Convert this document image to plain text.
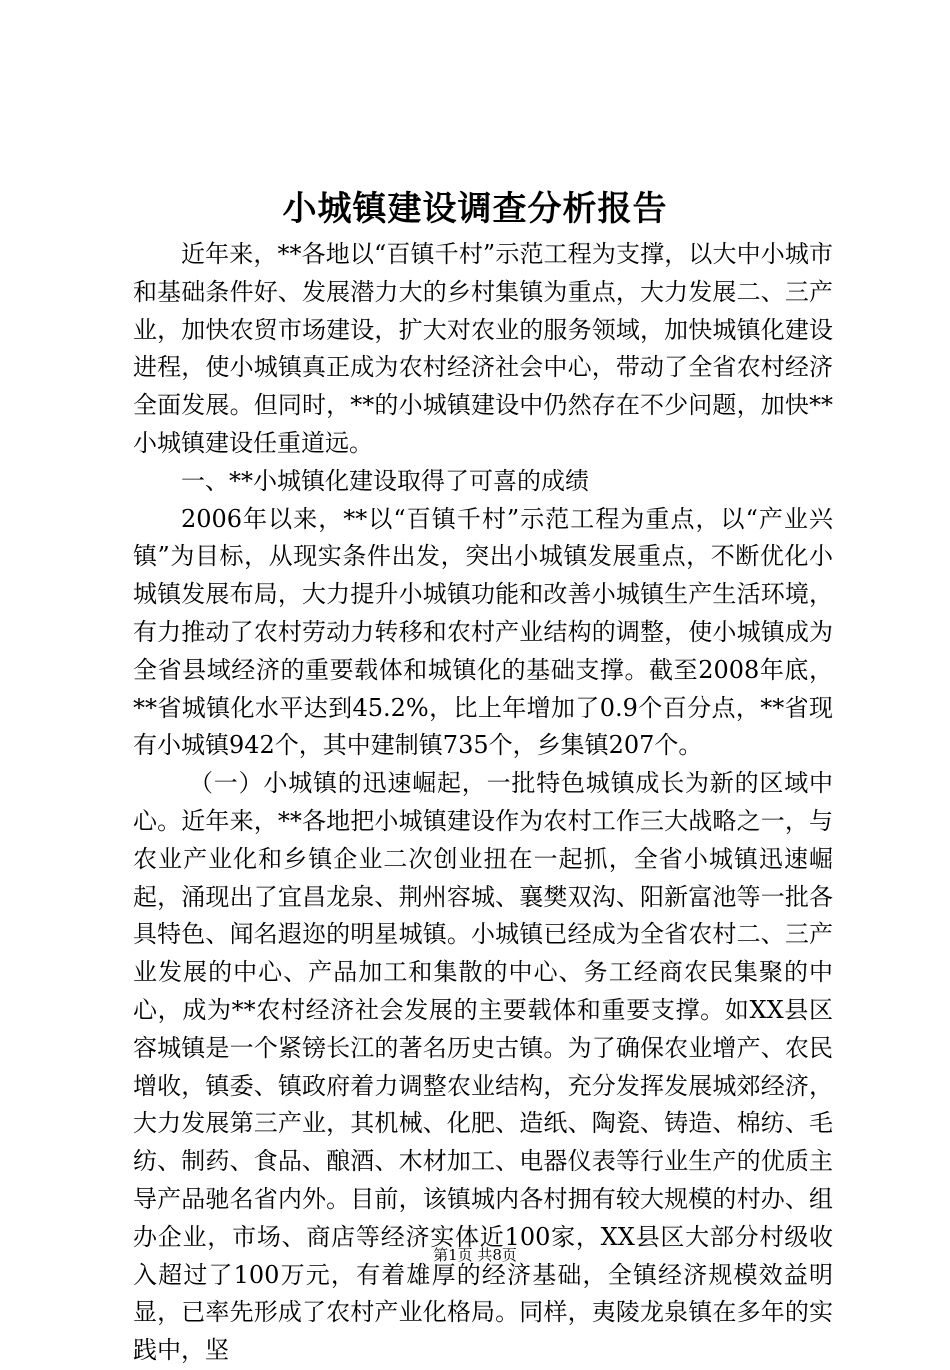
小城镇建设调查分析报告

近年来，**各地以“百镇千村”示范工程为支撑，以大中小城市和基础条件好、发展潜力大的乡村集镇为重点，大力发展二、三产业，加快农贸市场建设，扩大对农业的服务领域，加快城镇化建设进程，使小城镇真正成为农村经济社会中心，带动了全省农村经济全面发展。但同时，**的小城镇建设中仍然存在不少问题，加快**小城镇建设任重道远。

一、**小城镇化建设取得了可喜的成绩

2006年以来，**以“百镇千村”示范工程为重点，以“产业兴镇”为目标，从现实条件出发，突出小城镇发展重点，不断优化小城镇发展布局，大力提升小城镇功能和改善小城镇生产生活环境，有力推动了农村劳动力转移和农村产业结构的调整，使小城镇成为全省县域经济的重要载体和城镇化的基础支撑。截至2008年底，**省城镇化水平达到45.2%，比上年增加了0.9个百分点，**省现有小城镇942个，其中建制镇735个，乡集镇207个。

（一）小城镇的迅速崛起，一批特色城镇成长为新的区域中心。近年来，**各地把小城镇建设作为农村工作三大战略之一，与农业产业化和乡镇企业二次创业扭在一起抓，全省小城镇迅速崛起，涌现出了宜昌龙泉、荆州容城、襄樊双沟、阳新富池等一批各具特色、闻名遐迩的明星城镇。小城镇已经成为全省农村二、三产业发展的中心、产品加工和集散的中心、务工经商农民集聚的中心，成为**农村经济社会发展的主要载体和重要支撑。如XX县区容城镇是一个紧镑长江的著名历史古镇。为了确保农业增产、农民增收，镇委、镇政府着力调整农业结构，充分发挥发展城郊经济，大力发展第三产业，其机械、化肥、造纸、陶瓷、铸造、棉纺、毛纺、制药、食品、酿酒、木材加工、电器仪表等行业生产的优质主导产品驰名省内外。目前，该镇城内各村拥有较大规模的村办、组办企业，市场、商店等经济实体近100家，XX县区大部分村级收入超过了100万元，有着雄厚的经济基础，全镇经济规模效益明显，已率先形成了农村产业化格局。同样，夷陵龙泉镇在多年的实践中，坚

第1页 共8页
